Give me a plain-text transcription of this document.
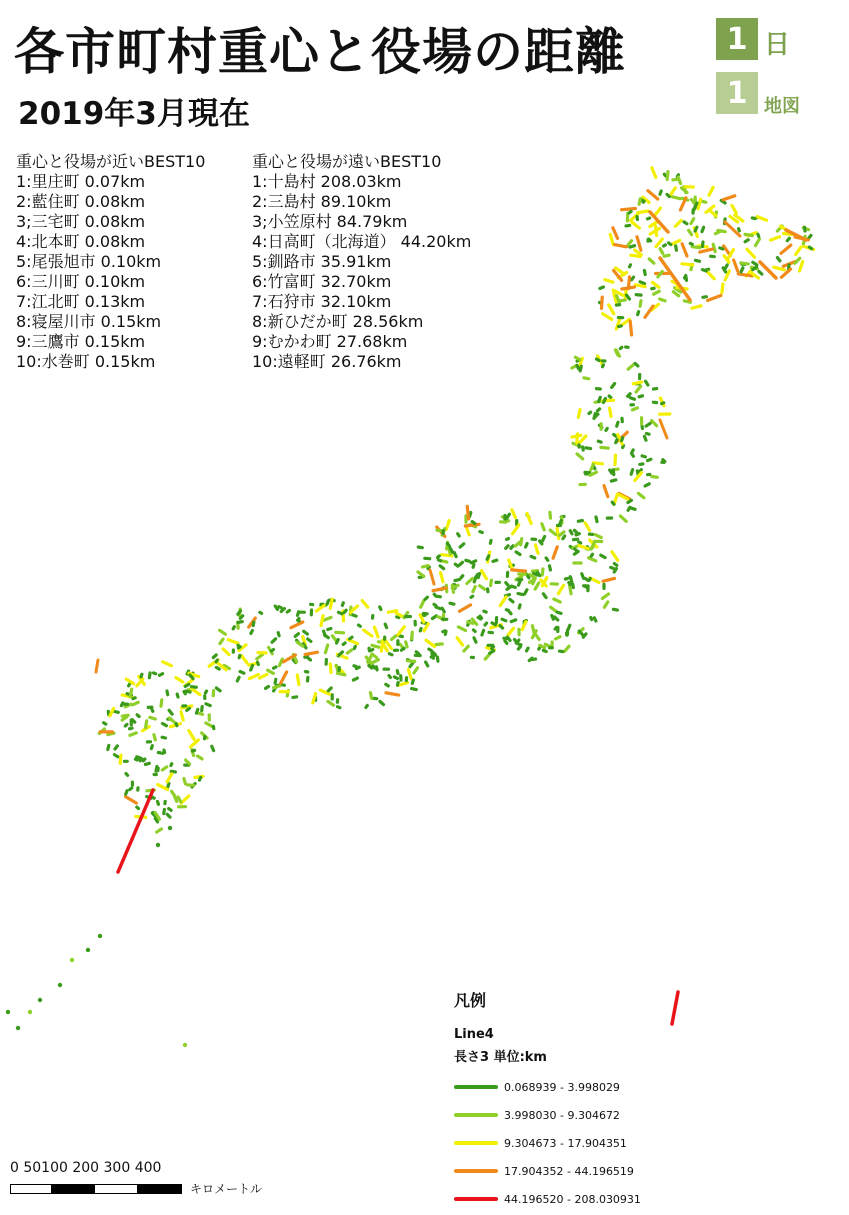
各市町村重心と役場の距離
2019年3月現在
1 日
1 地図
重心と役場が近いBEST10
1:里庄町 0.07km
2:藍住町 0.08km
3;三宅町 0.08km
4:北本町 0.08km
5:尾張旭市 0.10km
6:三川町 0.10km
7:江北町 0.13km
8:寝屋川市 0.15km
9:三鷹市 0.15km
10:水巻町 0.15km
重心と役場が遠いBEST10
1:十島村 208.03km
2:三島村 89.10km
3;小笠原村 84.79km
4:日高町（北海道） 44.20km
5:釧路市 35.91km
6:竹富町 32.70km
7:石狩市 32.10km
8:新ひだか町 28.56km
9:むかわ町 27.68km
10:遠軽町 26.76km
凡例
Line4
長さ3 単位:km
0.068939 - 3.998029
3.998030 - 9.304672
9.304673 - 17.904351
17.904352 - 44.196519
44.196520 - 208.030931
0 50100 200 300 400
キロメートル
